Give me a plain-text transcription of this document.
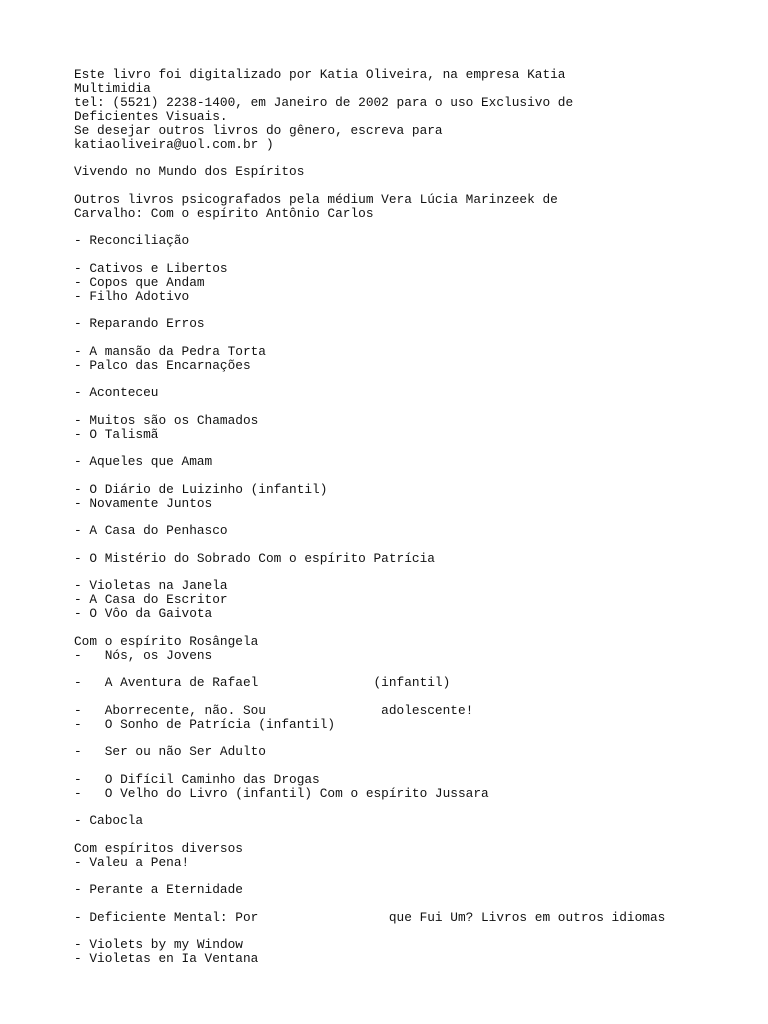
Este livro foi digitalizado por Katia Oliveira, na empresa Katia

Multimidia

tel: (5521) 2238-1400, em Janeiro de 2002 para o uso Exclusivo de

Deficientes Visuais.

Se desejar outros livros do gênero, escreva para

katiaoliveira@uol.com.br )

Vivendo no Mundo dos Espíritos

Outros livros psicografados pela médium Vera Lúcia Marinzeek de

Carvalho: Com o espírito Antônio Carlos

- Reconciliação

- Cativos e Libertos

- Copos que Andam

- Filho Adotivo

- Reparando Erros

- A mansão da Pedra Torta

- Palco das Encarnações

- Aconteceu

- Muitos são os Chamados

- O Talismã

- Aqueles que Amam

- O Diário de Luizinho (infantil)

- Novamente Juntos

- A Casa do Penhasco

- O Mistério do Sobrado Com o espírito Patrícia

- Violetas na Janela

- A Casa do Escritor

- O Vôo da Gaivota

Com o espírito Rosângela

-   Nós, os Jovens

-   A Aventura de Rafael               (infantil)

-   Aborrecente, não. Sou               adolescente!

-   O Sonho de Patrícia (infantil)

-   Ser ou não Ser Adulto

-   O Difícil Caminho das Drogas

-   O Velho do Livro (infantil) Com o espírito Jussara

- Cabocla

Com espíritos diversos

- Valeu a Pena!

- Perante a Eternidade

- Deficiente Mental: Por                 que Fui Um? Livros em outros idiomas

- Violets by my Window

- Violetas en Ia Ventana
